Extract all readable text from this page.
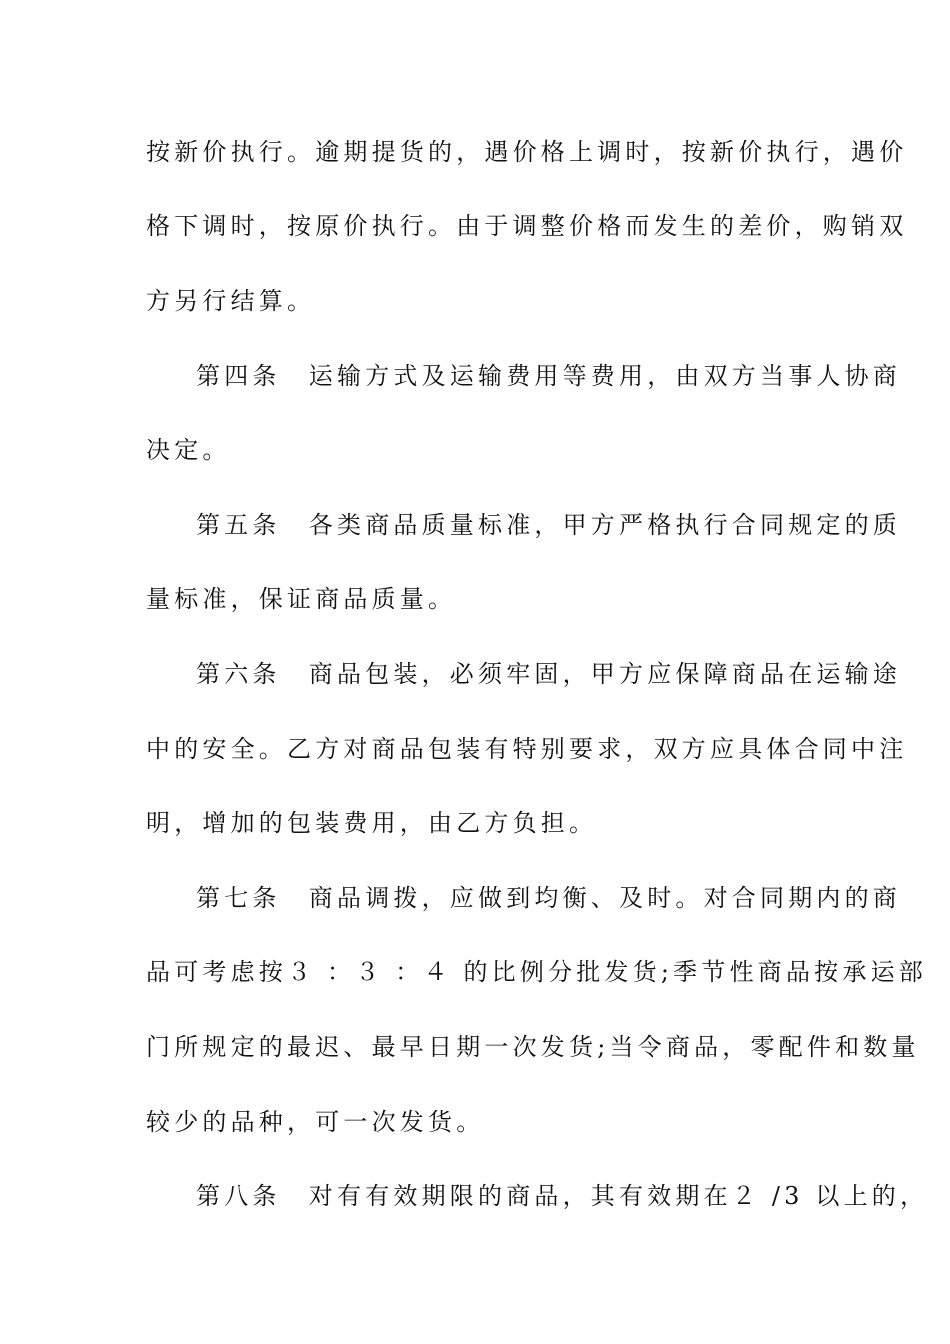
按新价执行。逾期提货的，遇价格上调时，按新价执行，遇价
格下调时，按原价执行。由于调整价格而发生的差价，购销双
方另行结算。
第四条　运输方式及运输费用等费用，由双方当事人协商
决定。
第五条　各类商品质量标准，甲方严格执行合同规定的质
量标准，保证商品质量。
第六条　商品包装，必须牢固，甲方应保障商品在运输途
中的安全。乙方对商品包装有特别要求，双方应具体合同中注
明，增加的包装费用，由乙方负担。
第七条　商品调拨，应做到均衡、及时。对合同期内的商
品可考虑按３ ：３ ：４ 的比例分批发货;季节性商品按承运部
门所规定的最迟、最早日期一次发货;当令商品，零配件和数量
较少的品种，可一次发货。
第八条　对有有效期限的商品，其有效期在２ /3 以上的，
